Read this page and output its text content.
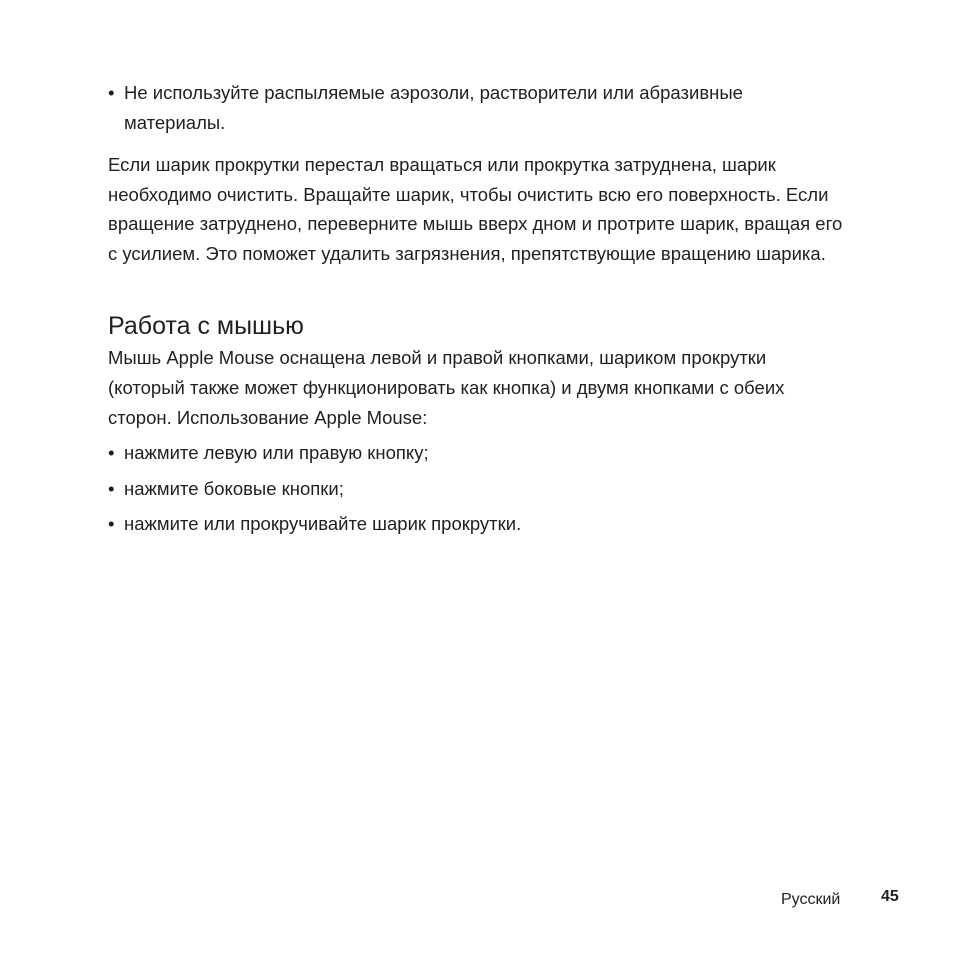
• Не используйте распыляемые аэрозоли, растворители или абразивные материалы.

Если шарик прокрутки перестал вращаться или прокрутка затруднена, шарик необходимо очистить. Вращайте шарик, чтобы очистить всю его поверхность. Если вращение затруднено, переверните мышь вверх дном и протрите шарик, вращая его с усилием. Это поможет удалить загрязнения, препятствующие вращению шарика.

Работа с мышью

Мышь Apple Mouse оснащена левой и правой кнопками, шариком прокрутки (который также может функционировать как кнопка) и двумя кнопками с обеих сторон. Использование Apple Mouse:

• нажмите левую или правую кнопку;
• нажмите боковые кнопки;
• нажмите или прокручивайте шарик прокрутки.
Русский	45
